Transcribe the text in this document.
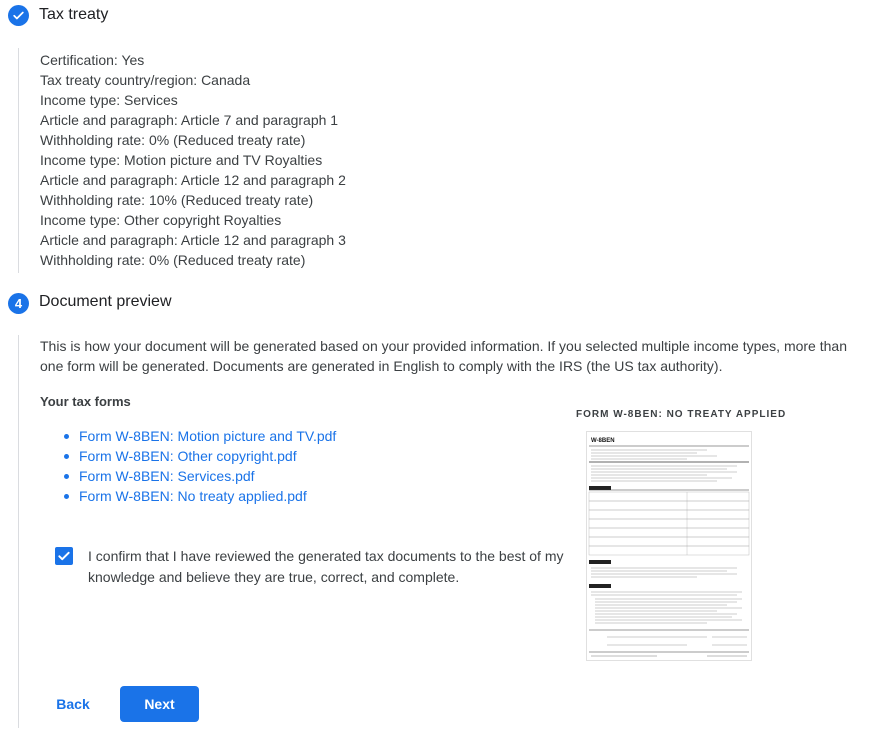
Tax treaty
Certification: Yes
Tax treaty country/region: Canada
Income type: Services
Article and paragraph: Article 7 and paragraph 1
Withholding rate: 0% (Reduced treaty rate)
Income type: Motion picture and TV Royalties
Article and paragraph: Article 12 and paragraph 2
Withholding rate: 10% (Reduced treaty rate)
Income type: Other copyright Royalties
Article and paragraph: Article 12 and paragraph 3
Withholding rate: 0% (Reduced treaty rate)
4	Document preview
This is how your document will be generated based on your provided information. If you selected multiple income types, more than
one form will be generated. Documents are generated in English to comply with the IRS (the US tax authority).
Your tax forms
Form W-8BEN: Motion picture and TV.pdf
Form W-8BEN: Other copyright.pdf
Form W-8BEN: Services.pdf
Form W-8BEN: No treaty applied.pdf
I confirm that I have reviewed the generated tax documents to the best of my knowledge and believe they are true, correct, and complete.
FORM W-8BEN: NO TREATY APPLIED
W-8BEN
Back	Next
